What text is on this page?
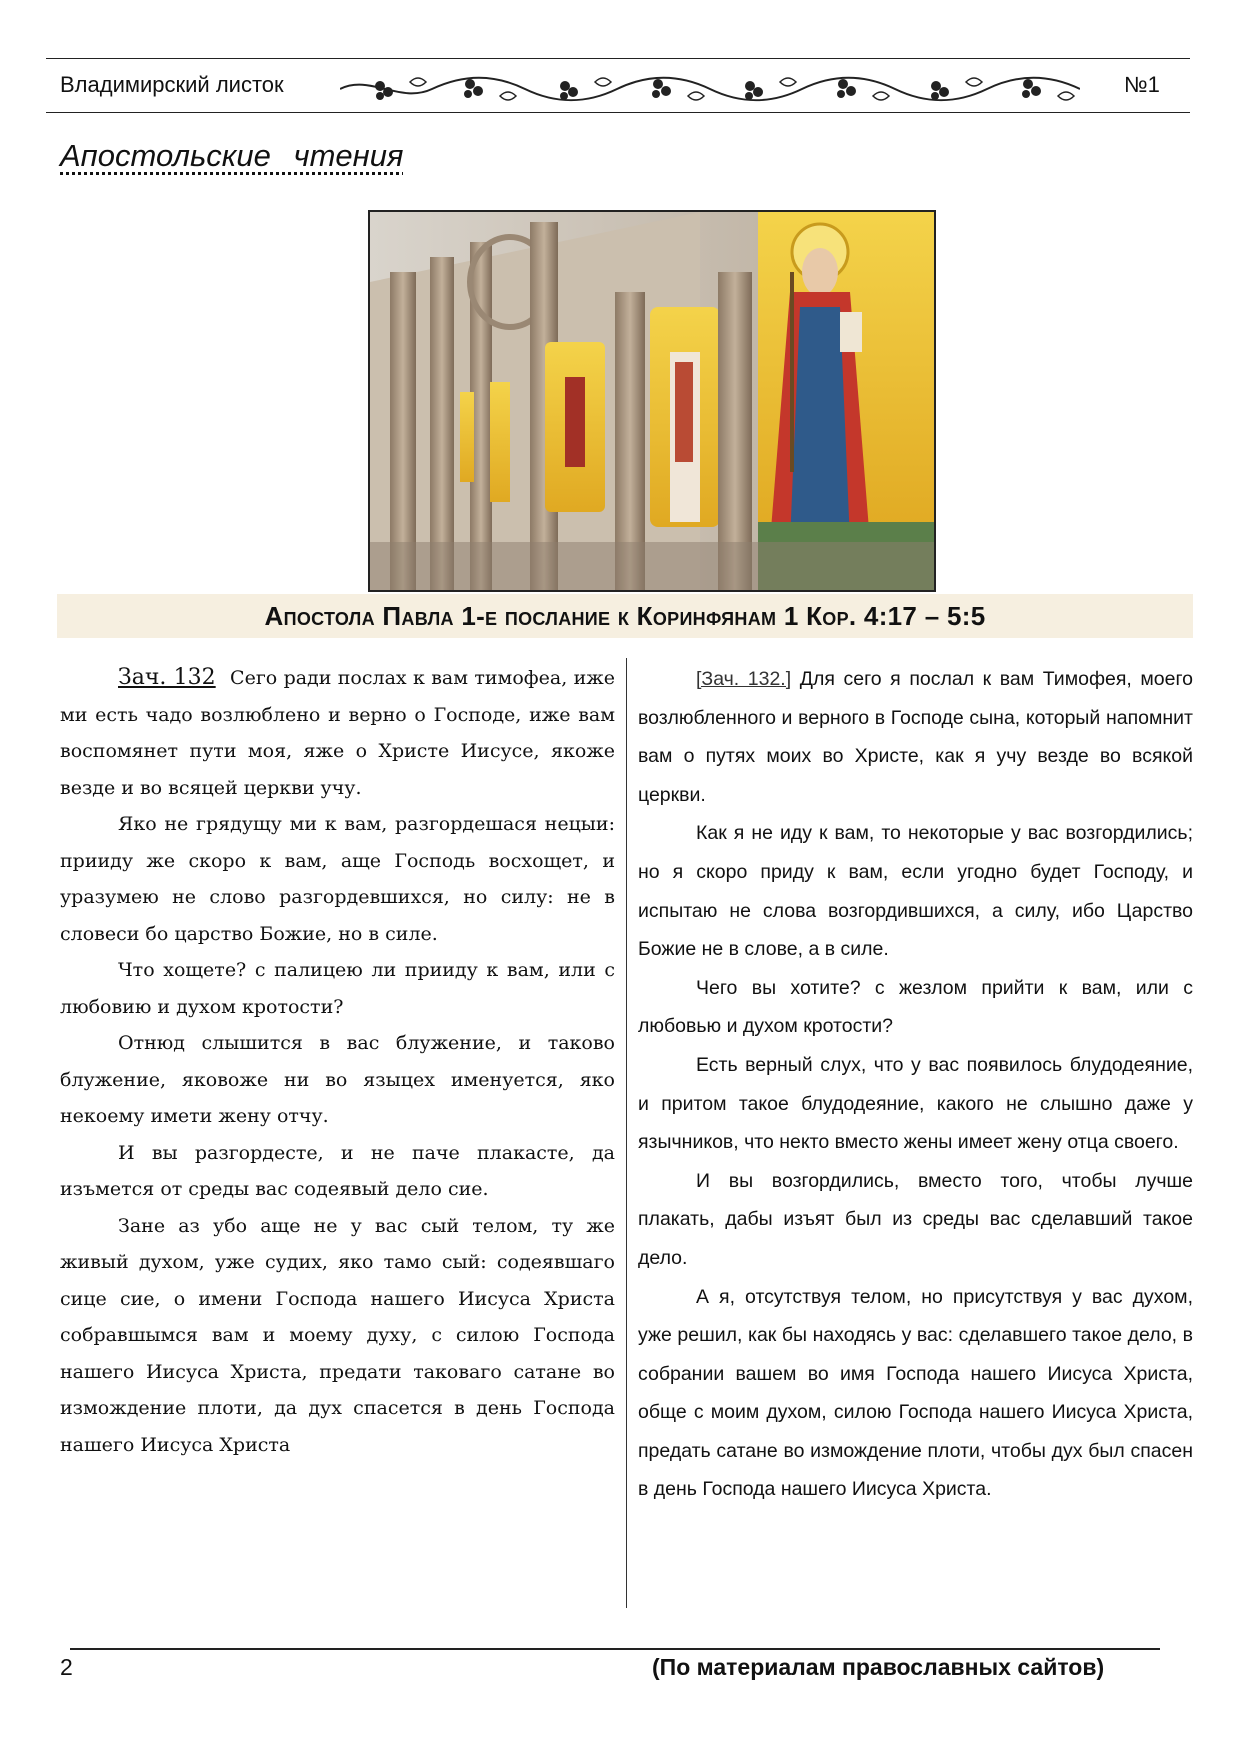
Владимирский листок	№1
Апостольские чтения
Апостола Павла 1-е послание к Коринфянам 1 Кор. 4:17 – 5:5

Зач. 132 Сего ради послах к вам тимофеа, иже ми есть чадо возлюблено и верно о Господе, иже вам воспомянет пути моя, яже о Христе Иисусе, якоже везде и во всяцей церкви учу.

Яко не грядущу ми к вам, разгордешася нецыи: прииду же скоро к вам, аще Господь восхощет, и уразумею не слово разгордевшихся, но силу: не в словеси бо царство Божие, но в силе.

Что хощете? с палицею ли прииду к вам, или с любовию и духом кротости?

Отнюд слышится в вас блужение, и таково блужение, яковоже ни во языцех именуется, яко некоему имети жену отчу.

И вы разгордесте, и не паче плакасте, да изъмется от среды вас содеявый дело сие.

Зане аз убо аще не у вас сый телом, ту же живый духом, уже судих, яко тамо сый: содеявшаго сице сие, о имени Господа нашего Иисуса Христа собравшымся вам и моему духу, с силою Господа нашего Иисуса Христа, предати таковаго сатане во измождение плоти, да дух спасется в день Господа нашего Иисуса Христа

[Зач. 132.] Для сего я послал к вам Тимофея, моего возлюбленного и верного в Господе сына, который напомнит вам о путях моих во Христе, как я учу везде во всякой церкви.

Как я не иду к вам, то некоторые у вас возгордились; но я скоро приду к вам, если угодно будет Господу, и испытаю не слова возгордившихся, а силу, ибо Царство Божие не в слове, а в силе.

Чего вы хотите? с жезлом прийти к вам, или с любовью и духом кротости?

Есть верный слух, что у вас появилось блудодеяние, и притом такое блудодеяние, какого не слышно даже у язычников, что некто вместо жены имеет жену отца своего.

И вы возгордились, вместо того, чтобы лучше плакать, дабы изъят был из среды вас сделавший такое дело.

А я, отсутствуя телом, но присутствуя у вас духом, уже решил, как бы находясь у вас: сделавшего такое дело, в собрании вашем во имя Господа нашего Иисуса Христа, обще с моим духом, силою Господа нашего Иисуса Христа, предать сатане во измождение плоти, чтобы дух был спасен в день Господа нашего Иисуса Христа.

2	(По материалам православных сайтов)
